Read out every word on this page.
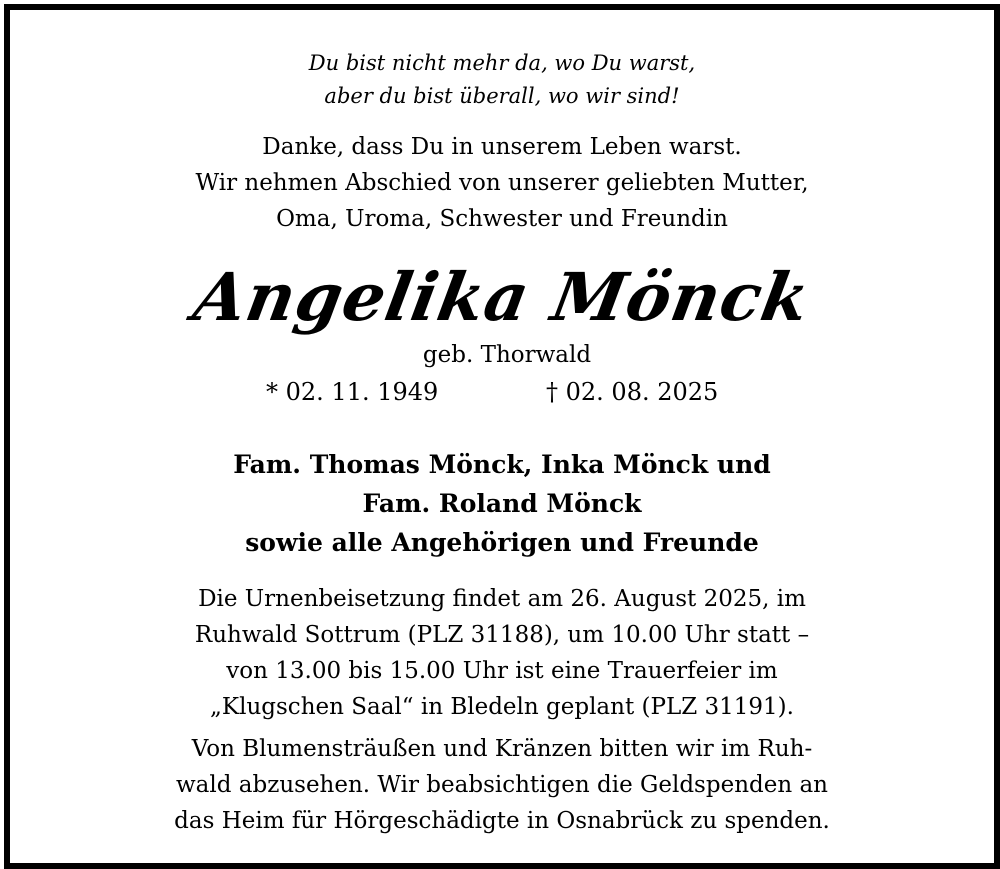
Du bist nicht mehr da, wo Du warst,
aber du bist überall, wo wir sind!
Danke, dass Du in unserem Leben warst.
Wir nehmen Abschied von unserer geliebten Mutter,
Oma, Uroma, Schwester und Freundin
Angelika Mönck
geb. Thorwald
* 02. 11. 1949	† 02. 08. 2025
Fam. Thomas Mönck, Inka Mönck und
Fam. Roland Mönck
sowie alle Angehörigen und Freunde
Die Urnenbeisetzung findet am 26. August 2025, im
Ruhwald Sottrum (PLZ 31188), um 10.00 Uhr statt –
von 13.00 bis 15.00 Uhr ist eine Trauerfeier im
„Klugschen Saal“ in Bledeln geplant (PLZ 31191).
Von Blumensträußen und Kränzen bitten wir im Ruh-
wald abzusehen. Wir beabsichtigen die Geldspenden an
das Heim für Hörgeschädigte in Osnabrück zu spenden.
